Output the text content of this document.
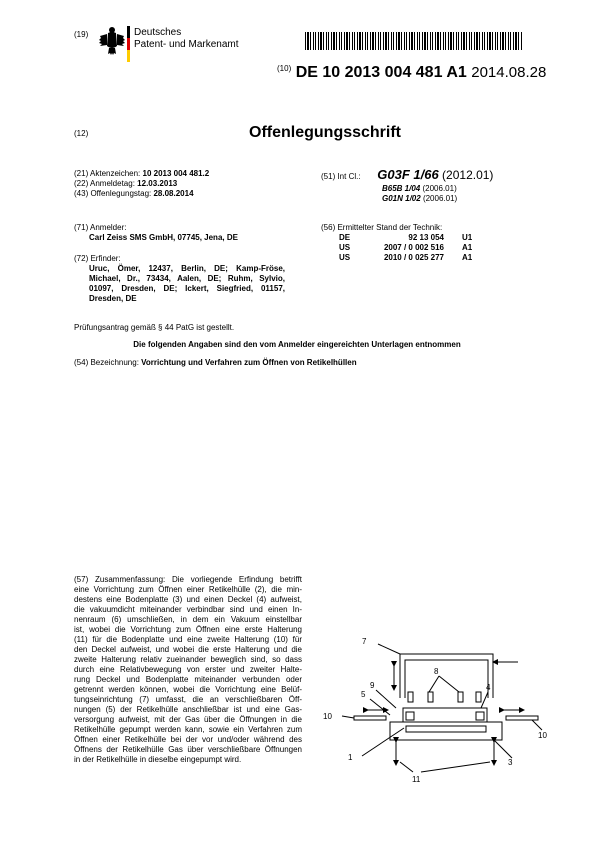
(19)	Deutsches
Patent- und Markenamt
$^{(10)}$ DE 10 2013 004 481 A1 2014.08.28
(12)	Offenlegungsschrift
(21) Aktenzeichen: 10 2013 004 481.2
(22) Anmeldetag: 12.03.2013
(43) Offenlegungstag: 28.08.2014
(51) Int Cl.: G03F 1/66 (2012.01)
B65B 1/04 (2006.01)
G01N 1/02 (2006.01)
(71) Anmelder:
Carl Zeiss SMS GmbH, 07745, Jena, DE
(72) Erfinder:
Uruc, Ömer, 12437, Berlin, DE; Kamp-Fröse,
Michael, Dr., 73434, Aalen, DE; Ruhm, Sylvio,
01097, Dresden, DE; Ickert, Siegfried, 01157,
Dresden, DE
(56) Ermittelter Stand der Technik:
DE	92 13 054 U1
US	2007 / 0 002 516 A1
US	2010 / 0 025 277 A1
Prüfungsantrag gemäß § 44 PatG ist gestellt.
Die folgenden Angaben sind den vom Anmelder eingereichten Unterlagen entnommen
(54) Bezeichnung: Vorrichtung und Verfahren zum Öffnen von Retikelhüllen
(57) Zusammenfassung: Die vorliegende Erfindung betrifft
eine Vorrichtung zum Öffnen einer Retikelhülle (2), die min-
destens eine Bodenplatte (3) und einen Deckel (4) aufweist,
die vakuumdicht miteinander verbindbar sind und einen In-
nenraum (6) umschließen, in dem ein Vakuum einstellbar
ist, wobei die Vorrichtung zum Öffnen eine erste Halterung
(11) für die Bodenplatte und eine zweite Halterung (10) für
den Deckel aufweist, und wobei die erste Halterung und die
zweite Halterung relativ zueinander beweglich sind, so dass
durch eine Relativbewegung von erster und zweiter Halte-
rung Deckel und Bodenplatte miteinander verbunden oder
getrennt werden können, wobei die Vorrichtung eine Belüf-
tungseinrichtung (7) umfasst, die an verschließbaren Öff-
nungen (5) der Retikelhülle anschließbar ist und eine Gas-
versorgung aufweist, mit der Gas über die Öffnungen in die
Retikelhülle gepumpt werden kann, sowie ein Verfahren zum
Öffnen einer Retikelhülle bei der vor und/oder während des
Öffnens der Retikelhülle Gas über verschließbare Öffnungen
in der Retikelhülle in dieselbe eingepumpt wird.
7
8
9
5
4
10
10
1
3
11
